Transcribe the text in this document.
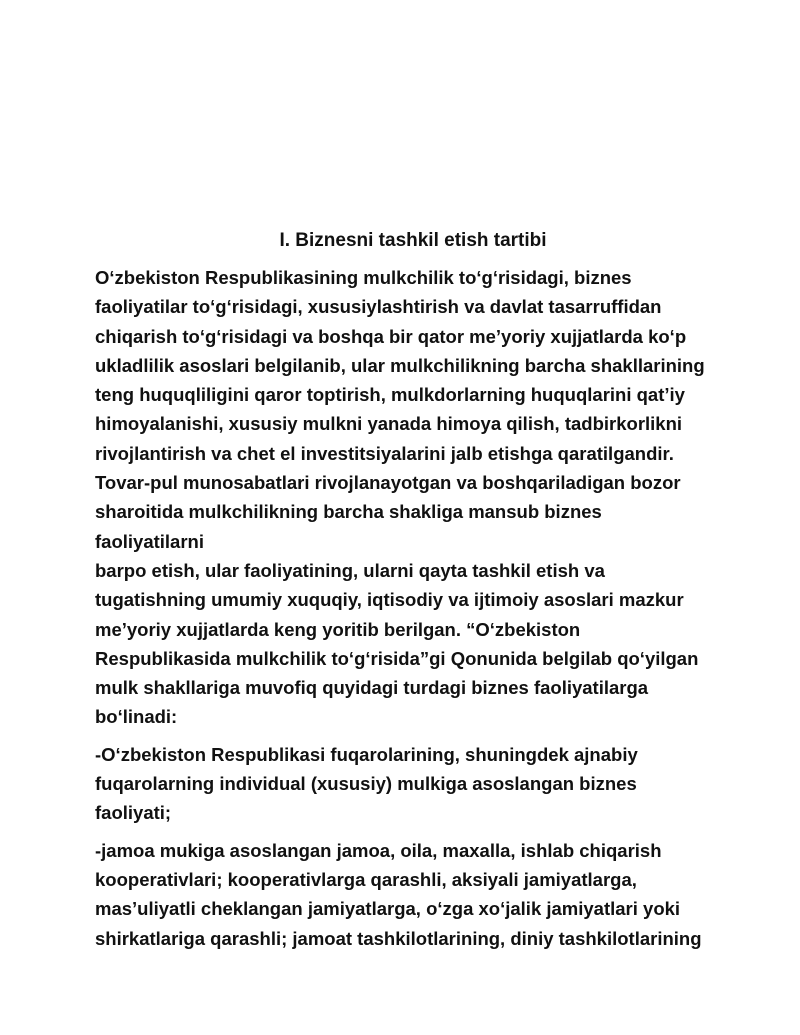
I. Biznesni tashkil etish tartibi

O‘zbekiston Respublikasining mulkchilik to‘g‘risidagi, biznes
faoliyatilar to‘g‘risidagi, xususiylashtirish va davlat tasarruffidan
chiqarish to‘g‘risidagi va boshqa bir qator me’yoriy xujjatlarda ko‘p
ukladlilik asoslari belgilanib, ular mulkchilikning barcha shakllarining
teng huquqliligini qaror toptirish, mulkdorlarning huquqlarini qat’iy
himoyalanishi, xususiy mulkni yanada himoya qilish, tadbirkorlikni
rivojlantirish va chet el investitsiyalarini jalb etishga qaratilgandir.
Tovar-pul munosabatlari rivojlanayotgan va boshqariladigan bozor
sharoitida mulkchilikning barcha shakliga mansub biznes faoliyatilarni
barpo etish, ular faoliyatining, ularni qayta tashkil etish va
tugatishning umumiy xuquqiy, iqtisodiy va ijtimoiy asoslari mazkur
me’yoriy xujjatlarda keng yoritib berilgan. “O‘zbekiston
Respublikasida mulkchilik to‘g‘risida”gi Qonunida belgilab qo‘yilgan
mulk shakllariga muvofiq quyidagi turdagi biznes faoliyatilarga
bo‘linadi:

-O‘zbekiston Respublikasi fuqarolarining, shuningdek ajnabiy
fuqarolarning individual (xususiy) mulkiga asoslangan biznes faoliyati;

-jamoa mukiga asoslangan jamoa, oila, maxalla, ishlab chiqarish
kooperativlari; kooperativlarga qarashli, aksiyali jamiyatlarga,
mas’uliyatli cheklangan jamiyatlarga, o‘zga xo‘jalik jamiyatlari yoki
shirkatlariga qarashli; jamoat tashkilotlarining, diniy tashkilotlarining
